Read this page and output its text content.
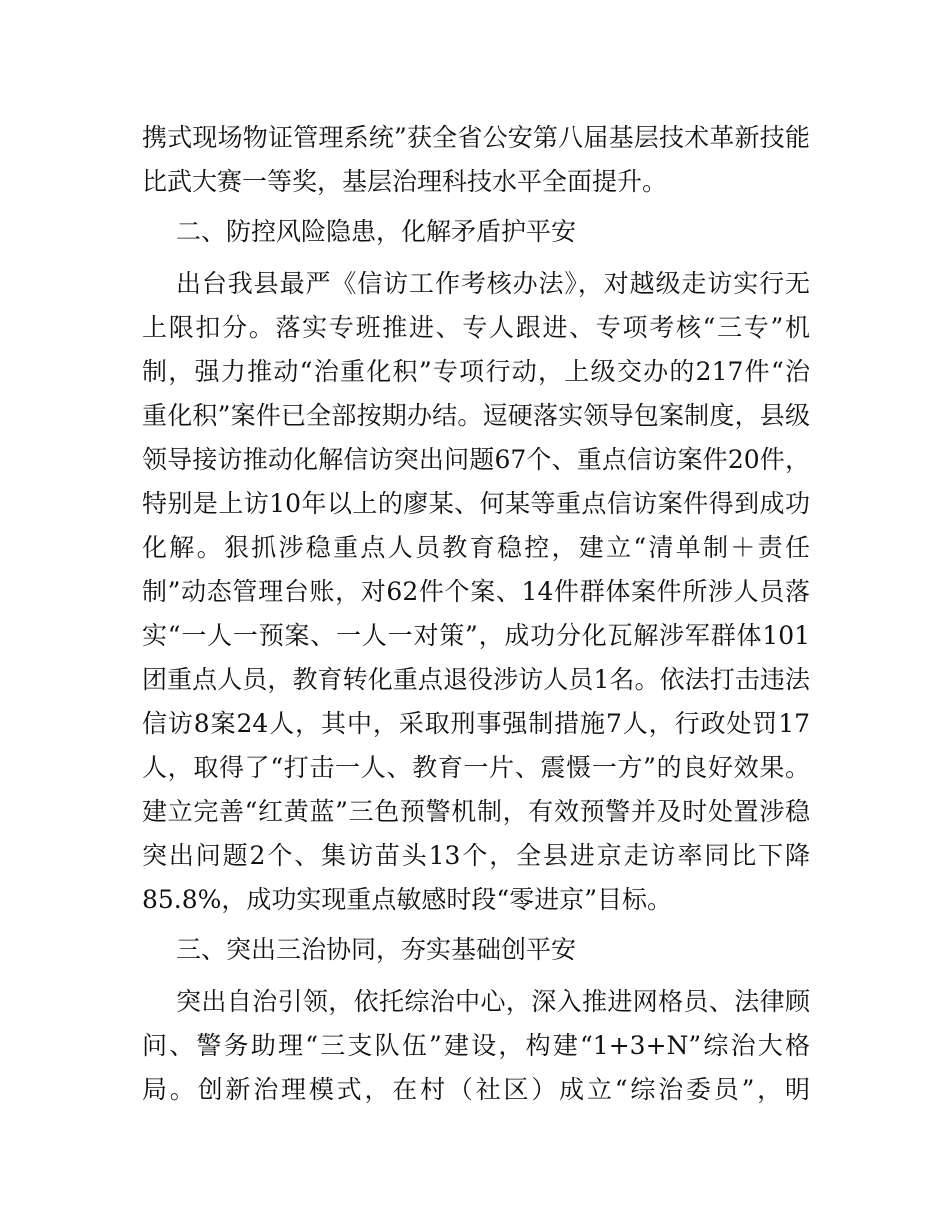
携式现场物证管理系统”获全省公安第八届基层技术革新技能
比武大赛一等奖，基层治理科技水平全面提升。
二、防控风险隐患，化解矛盾护平安
出台我县最严《信访工作考核办法》，对越级走访实行无
上限扣分。落实专班推进、专人跟进、专项考核“三专”机
制，强力推动“治重化积”专项行动，上级交办的217件“治
重化积”案件已全部按期办结。逗硬落实领导包案制度，县级
领导接访推动化解信访突出问题67个、重点信访案件20件，
特别是上访10年以上的廖某、何某等重点信访案件得到成功
化解。狠抓涉稳重点人员教育稳控，建立“清单制＋责任
制”动态管理台账，对62件个案、14件群体案件所涉人员落
实“一人一预案、一人一对策”，成功分化瓦解涉军群体101
团重点人员，教育转化重点退役涉访人员1名。依法打击违法
信访8案24人，其中，采取刑事强制措施7人，行政处罚17
人，取得了“打击一人、教育一片、震慑一方”的良好效果。
建立完善“红黄蓝”三色预警机制，有效预警并及时处置涉稳
突出问题2个、集访苗头13个，全县进京走访率同比下降
85.8%，成功实现重点敏感时段“零进京”目标。
三、突出三治协同，夯实基础创平安
突出自治引领，依托综治中心，深入推进网格员、法律顾
问、警务助理“三支队伍”建设，构建“1+3+N”综治大格
局。创新治理模式，在村（社区）成立“综治委员”，明
